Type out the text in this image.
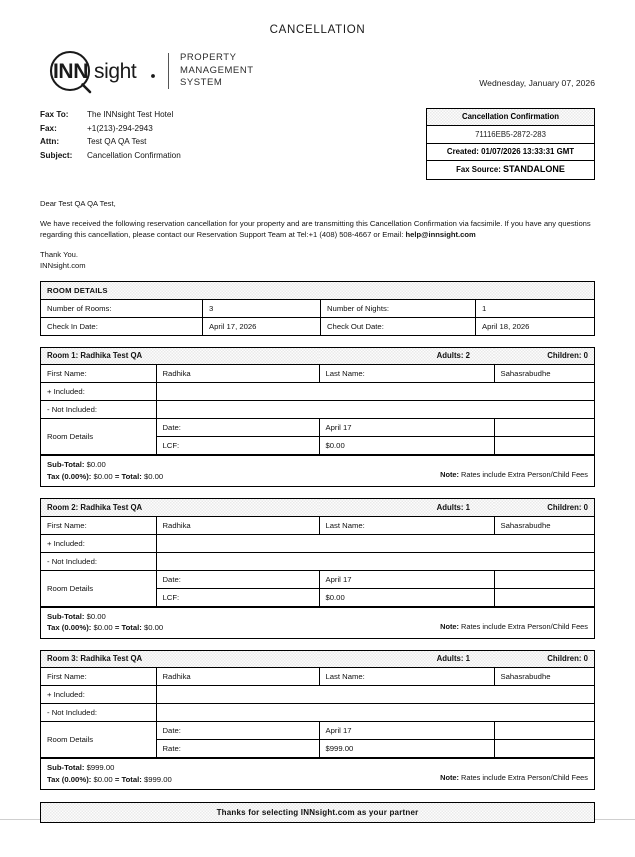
CANCELLATION
INN sight
PROPERTY
MANAGEMENT
SYSTEM	Wednesday, January 07, 2026
Fax To:	The INNsight Test Hotel
Fax:	+1(213)-294-2943
Attn:	Test QA QA Test
Subject:	Cancellation Confirmation
Cancellation Confirmation
71116EB5-2872-283
Created: 01/07/2026 13:33:31 GMT
Fax Source: STANDALONE
Dear Test QA QA Test,
We have received the following reservation cancellation for your property and are transmitting this Cancellation Confirmation via facsimile. If you have any questions regarding this cancellation, please contact our Reservation Support Team at Tel:+1 (408) 508-4667 or Email: help@innsight.com
Thank You.
INNsight.com
ROOM DETAILS			
Number of Rooms:	3	Number of Nights:	1
Check In Date:	April 17, 2026	Check Out Date:	April 18, 2026
Room 1: Radhika Test QA		Adults: 2	Children: 0
First Name:	Radhika	Last Name:	Sahasrabudhe
+ Included:			
- Not Included:			
Room Details	Date:	April 17	
	LCF:	$0.00	
Sub-Total: $0.00
Tax (0.00%): $0.00 = Total: $0.00	Note: Rates include Extra Person/Child Fees
Room 2: Radhika Test QA		Adults: 1	Children: 0
First Name:	Radhika	Last Name:	Sahasrabudhe
+ Included:			
- Not Included:			
Room Details	Date:	April 17	
	LCF:	$0.00	
Sub-Total: $0.00
Tax (0.00%): $0.00 = Total: $0.00	Note: Rates include Extra Person/Child Fees
Room 3: Radhika Test QA		Adults: 1	Children: 0
First Name:	Radhika	Last Name:	Sahasrabudhe
+ Included:			
- Not Included:			
Room Details	Date:	April 17	
	Rate:	$999.00	
Sub-Total: $999.00
Tax (0.00%): $0.00 = Total: $999.00	Note: Rates include Extra Person/Child Fees
Thanks for selecting INNsight.com as your partner
